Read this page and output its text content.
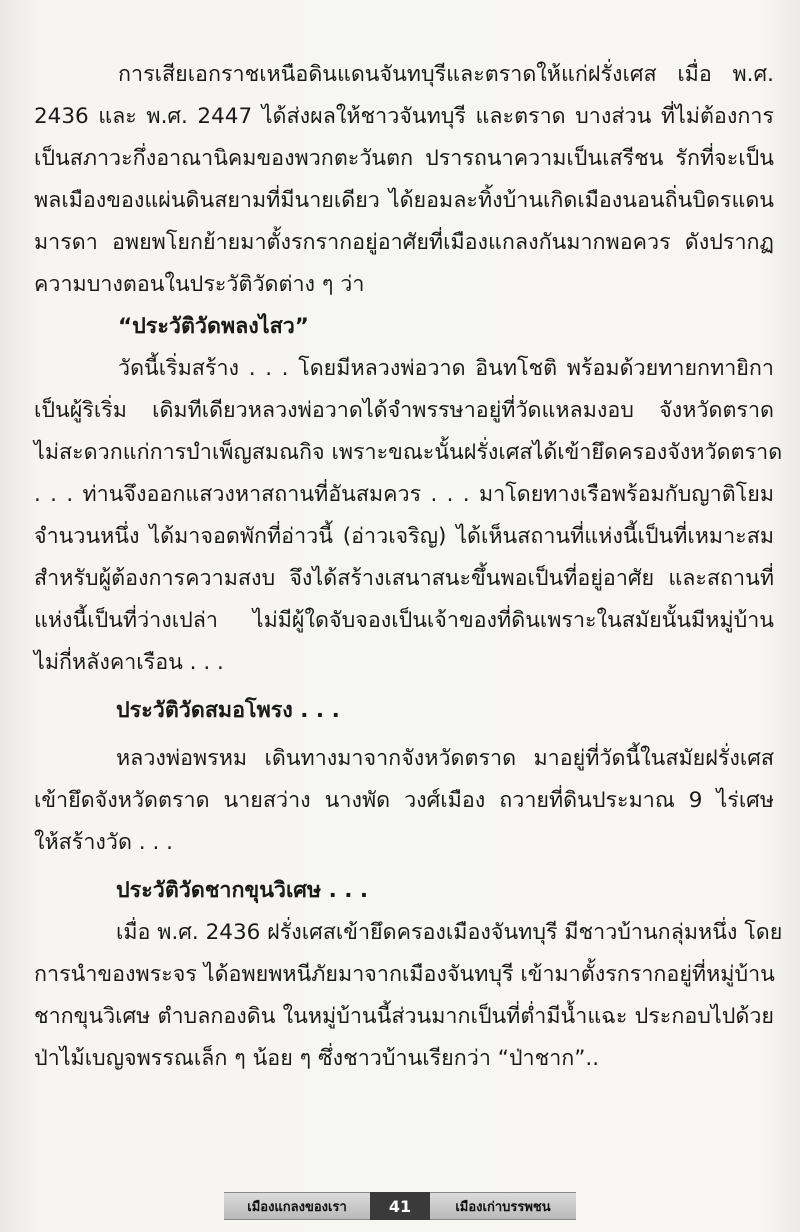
การเสียเอกราชเหนือดินแดนจันทบุรีและตราดให้แก่ฝรั่งเศส เมื่อ พ.ศ.
2436 และ พ.ศ. 2447 ได้ส่งผลให้ชาวจันทบุรี และตราด บางส่วน ที่ไม่ต้องการ
เป็นสภาวะกึ่งอาณานิคมของพวกตะวันตก ปรารถนาความเป็นเสรีชน รักที่จะเป็น
พลเมืองของแผ่นดินสยามที่มีนายเดียว ได้ยอมละทิ้งบ้านเกิดเมืองนอนถิ่นบิดรแดน
มารดา อพยพโยกย้ายมาตั้งรกรากอยู่อาศัยที่เมืองแกลงกันมากพอควร ดังปรากฏ
ความบางตอนในประวัติวัดต่าง ๆ ว่า
“ประวัติวัดพลงไสว”
วัดนี้เริ่มสร้าง . . . โดยมีหลวงพ่อวาด อินทโชติ พร้อมด้วยทายกทายิกา
เป็นผู้ริเริ่ม เดิมทีเดียวหลวงพ่อวาดได้จำพรรษาอยู่ที่วัดแหลมงอบ จังหวัดตราด
ไม่สะดวกแก่การบำเพ็ญสมณกิจ เพราะขณะนั้นฝรั่งเศสได้เข้ายึดครองจังหวัดตราด
. . . ท่านจึงออกแสวงหาสถานที่อันสมควร . . . มาโดยทางเรือพร้อมกับญาติโยม
จำนวนหนึ่ง ได้มาจอดพักที่อ่าวนี้ (อ่าวเจริญ) ได้เห็นสถานที่แห่งนี้เป็นที่เหมาะสม
สำหรับผู้ต้องการความสงบ จึงได้สร้างเสนาสนะขึ้นพอเป็นที่อยู่อาศัย และสถานที่
แห่งนี้เป็นที่ว่างเปล่า ไม่มีผู้ใดจับจองเป็นเจ้าของที่ดินเพราะในสมัยนั้นมีหมู่บ้าน
ไม่กี่หลังคาเรือน . . .
ประวัติวัดสมอโพรง . . .
หลวงพ่อพรหม เดินทางมาจากจังหวัดตราด มาอยู่ที่วัดนี้ในสมัยฝรั่งเศส
เข้ายึดจังหวัดตราด นายสว่าง นางพัด วงศ์เมือง ถวายที่ดินประมาณ 9 ไร่เศษ
ให้สร้างวัด . . .
ประวัติวัดชากขุนวิเศษ . . .
เมื่อ พ.ศ. 2436 ฝรั่งเศสเข้ายึดครองเมืองจันทบุรี มีชาวบ้านกลุ่มหนึ่ง โดย
การนำของพระจร ได้อพยพหนีภัยมาจากเมืองจันทบุรี เข้ามาตั้งรกรากอยู่ที่หมู่บ้าน
ชากขุนวิเศษ ตำบลกองดิน ในหมู่บ้านนี้ส่วนมากเป็นที่ต่ำมีน้ำแฉะ ประกอบไปด้วย
ป่าไม้เบญจพรรณเล็ก ๆ น้อย ๆ ซึ่งชาวบ้านเรียกว่า “ป่าชาก”..
เมืองแกลงของเรา	41	เมืองเก่าบรรพชน
